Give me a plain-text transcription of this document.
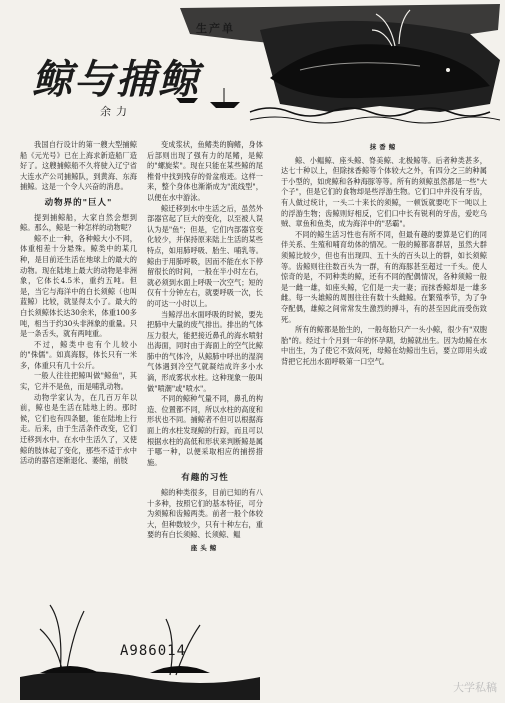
生产单
鲸与捕鲸
余力

我国自行设计的第一艘大型捕鲸船《元光号》已在上海求新造船厂造好了。这艘捕鲸船不久将驶入辽宁省大连水产公司捕鲸队，到黄海、东海捕鲸。这是一个令人兴奋的消息。

动物界的"巨人"

提到捕鲸船，大家自然会想到鲸。那么，鲸是一种怎样的动物呢？

鲸不止一种，各种鲸大小不同，体重相差十分悬殊。鲸类中的某几种，是目前还生活在地球上的最大的动物。现在陆地上最大的动物是非洲象，它体长4.5米，重约五吨。但是，当它与海洋中的白长须鲸（也叫蓝鲸）比较，就显得太小了。最大的白长须鲸体长达30余米，体重100多吨，相当于约30头非洲象的重量。只是一条舌头，就有两吨重。

不过，鲸类中也有个儿较小的"侏儒"。如真海豚，体长只有一米多，体重只有几十公斤。

一般人往往把鲸叫做"鲸鱼"，其实，它并不是鱼，而是哺乳动物。

动物学家认为，在几百万年以前，鲸也是生活在陆地上的。那时候，它们也有四条腿，能在陆地上行走。后来，由于生活条件改变，它们迁移到水中。在水中生活久了，又使鲸的肢体起了变化，那些不适于水中活动的器官逐渐退化、萎缩，前肢

变成浆状，鱼鳍类的胸鳍，身体后部则出现了强有力的尾鳍，是鲸的"螺旋桨"。现在只能在某些鲸的尾椎骨中找到残存的骨盆痕迹。这样一来，整个身体也渐渐成为"流线型"，以便在水中游泳。

鲸迁移到水中生活之后，虽然外部器官起了巨大的变化，以至被人误认为是"鱼"；但是，它们内部器官变化较少，并保持原来陆上生活的某些特点，如用肺呼吸、胎生、哺乳等。鲸由于用肺呼吸，因而不能在水下停留很长的时间，一般在半小时左右，就必须到水面上呼吸一次空气；短的仅有十分钟左右，就要呼吸一次，长的可达一小时以上。

当鲸浮出水面呼吸的时候，要先把肺中大量的废气排出。排出的气体压力很大，能把接近鼻孔的海水喷射出海面，同时由于海面上的空气比鲸肺中的气体冷，从鲸肺中呼出的湿润气体遇到冷空气就凝结成许多小水滴，形成雾状水柱。这种现象一般叫做"喷潮"或"喷水"。

不同的鲸种气量不同，鼻孔的构造、位置都不同，所以水柱的高度和形状也不同。捕鲸者不但可以根据海面上的水柱发现鲸的行踪，而且可以根据水柱的高低和形状来判断鲸是属于哪一种，以便采取相应的捕捞措施。

有趣的习性

鲸的种类很多，目前已知的有八十多种，按照它们的基本特征，可分为须鲸和齿鲸两类。前者一般个体较大，但种数较少，只有十种左右，重要的有白长须鲸、长须鲸、鳁

座头鲸
抹香鲸

鲸、小鳁鲸、座头鲸、脊美鲸、北极鲸等。后者种类甚多，达七十种以上，但除抹香鲸等个体较大之外，有四分之三的种属于小型的，如虎鲸和各种海豚等等。所有的须鲸虽然都是一些"大个子"，但是它们的食物却是些浮游生物。它们口中并没有牙齿，有人做过统计，一头二十来长的须鲸，一顿饭就要吃下一吨以上的浮游生物；齿鲸则好相反，它们口中长有锐利的牙齿，爱吃乌贼、章鱼和鱼类，成为海洋中的"恶霸"。

不同的鲸生活习性也有所不同，但最有趣的要算是它们的同伴关系、生殖和哺育幼体的情况。一般的鲸都喜群居，虽然大群须鲸比较少，但也有出现四、五十头的百头以上的群，如长须鲸等。齿鲸则往往数百头为一群，有的海豚甚至超过一千头。使人惊奇的是，不同种类的鲸，还有不同的配偶情况，各种须鲸一般是一雌一雄，如座头鲸，它们是一夫一妻；而抹香鲸却是一雄多雌。每一头雄鲸的周围往往有数十头雌鲸。在繁殖季节，为了争夺配偶，雄鲸之间常常发生激烈的搏斗，有的甚至因此而受伤致死。

所有的鲸都是胎生的，一般每胎只产一头小鲸，很少有"双胞胎"的。经过十个月到一年的怀孕期，幼鲸就出生。因为幼鲸在水中出生，为了使它不致闷死，母鲸在幼鲸出生后，要立即用头或背把它托出水面呼吸第一口空气。

A986014
大学私稿
